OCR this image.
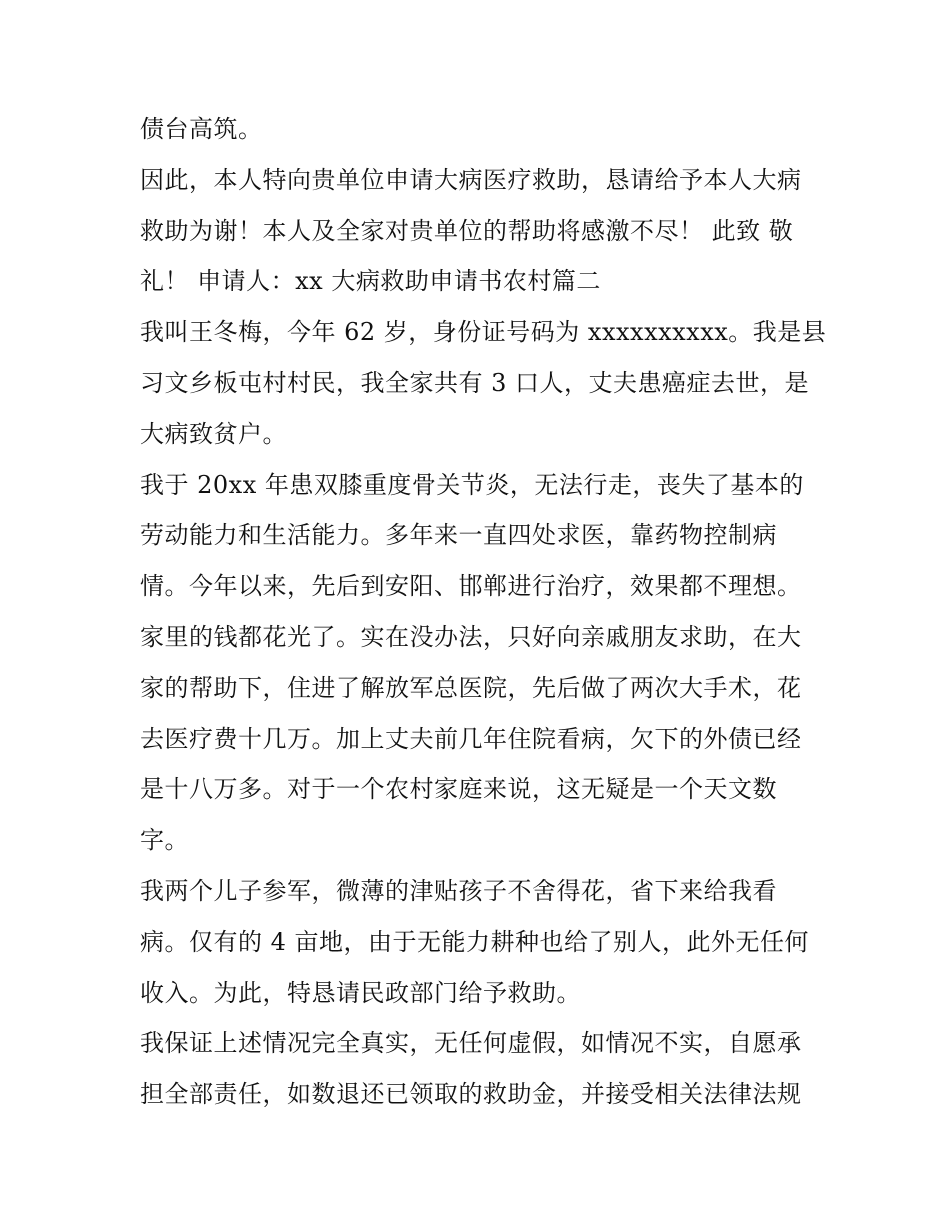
债台高筑。
因此，本人特向贵单位申请大病医疗救助，恳请给予本人大病
救助为谢！本人及全家对贵单位的帮助将感激不尽！ 此致 敬
礼！ 申请人：xx 大病救助申请书农村篇二
我叫王冬梅，今年 62 岁，身份证号码为 xxxxxxxxxx。我是县
习文乡板屯村村民，我全家共有 3 口人，丈夫患癌症去世，是
大病致贫户。
我于 20xx 年患双膝重度骨关节炎，无法行走，丧失了基本的
劳动能力和生活能力。多年来一直四处求医，靠药物控制病
情。今年以来，先后到安阳、邯郸进行治疗，效果都不理想。
家里的钱都花光了。实在没办法，只好向亲戚朋友求助，在大
家的帮助下，住进了解放军总医院，先后做了两次大手术，花
去医疗费十几万。加上丈夫前几年住院看病，欠下的外债已经
是十八万多。对于一个农村家庭来说，这无疑是一个天文数
字。
我两个儿子参军，微薄的津贴孩子不舍得花，省下来给我看
病。仅有的 4 亩地，由于无能力耕种也给了别人，此外无任何
收入。为此，特恳请民政部门给予救助。
我保证上述情况完全真实，无任何虚假，如情况不实，自愿承
担全部责任，如数退还已领取的救助金，并接受相关法律法规
